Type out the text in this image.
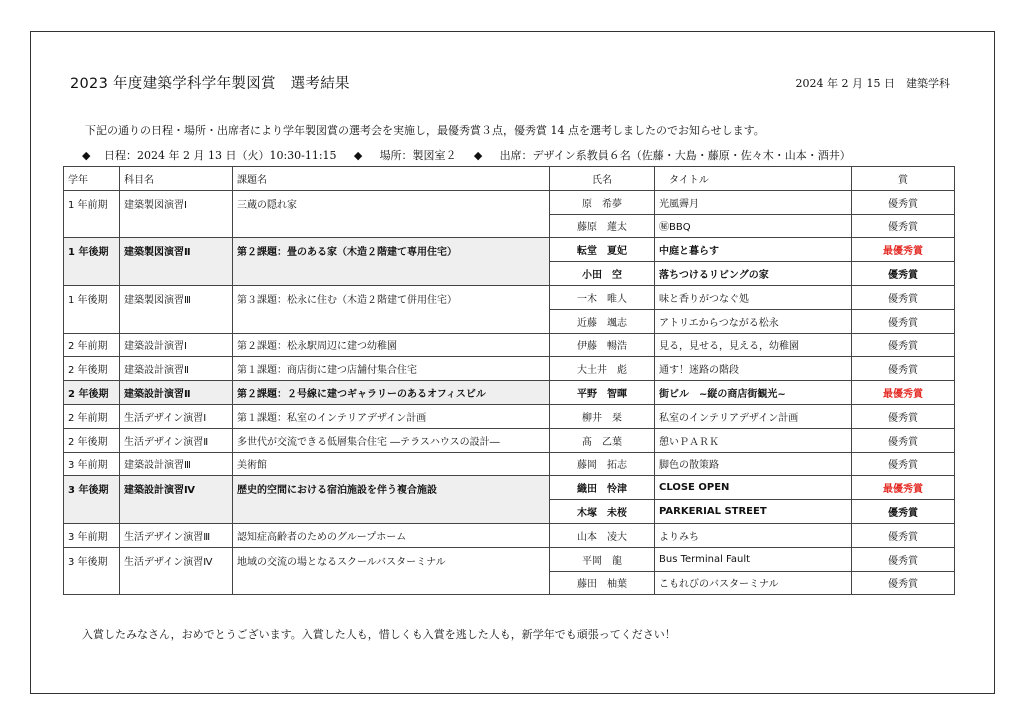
2023 年度建築学科学年製図賞　選考結果	2024 年 2 月 15 日　建築学科
下記の通りの日程・場所・出席者により学年製図賞の選考会を実施し，最優秀賞３点，優秀賞 14 点を選考しましたのでお知らせします。
◆ 日程：2024 年 2 月 13 日（火）10:30-11:15 ◆ 場所：製図室２ ◆ 出席：デザイン系教員６名（佐藤・大島・藤原・佐々木・山本・酒井）
学年	科目名	課題名	氏名	タイトル	賞
1 年前期	建築製図演習Ⅰ	三蔵の隠れ家	原　希夢	光風霽月	優秀賞
			藤原　蓮太	㊙BBQ	優秀賞
1 年後期	建築製図演習Ⅱ	第２課題：畳のある家（木造２階建て専用住宅）	転堂　夏妃	中庭と暮らす	最優秀賞
			小田　空	落ちつけるリビングの家	優秀賞
1 年後期	建築製図演習Ⅲ	第３課題：松永に住む（木造２階建て併用住宅）	一木　唯人	味と香りがつなぐ処	優秀賞
			近藤　颯志	アトリエからつながる松永	優秀賞
2 年前期	建築設計演習Ⅰ	第２課題：松永駅周辺に建つ幼稚園	伊藤　暢浩	見る，見せる，見える，幼稚園	優秀賞
2 年後期	建築設計演習Ⅱ	第１課題：商店街に建つ店舗付集合住宅	大土井　彪	通す！迷路の階段	優秀賞
2 年後期	建築設計演習Ⅱ	第２課題：２号線に建つギャラリーのあるオフィスビル	平野　智暉	街ビル　~縦の商店街観光~	最優秀賞
2 年前期	生活デザイン演習Ⅰ	第１課題：私室のインテリアデザイン計画	柳井　栞	私室のインテリアデザイン計画	優秀賞
2 年後期	生活デザイン演習Ⅱ	多世代が交流できる低層集合住宅 ―テラスハウスの設計―	髙　乙葉	憩いＰＡＲＫ	優秀賞
3 年前期	建築設計演習Ⅲ	美術館	藤岡　拓志	脚色の散策路	優秀賞
3 年後期	建築設計演習Ⅳ	歴史的空間における宿泊施設を伴う複合施設	織田　怜津	CLOSE OPEN	最優秀賞
			木塚　未桜	PARKERIAL STREET	優秀賞
3 年前期	生活デザイン演習Ⅲ	認知症高齢者のためのグループホーム	山本　凌大	よりみち	優秀賞
3 年後期	生活デザイン演習Ⅳ	地域の交流の場となるスクールバスターミナル	平岡　龍	Bus Terminal Fault	優秀賞
			藤田　柚葉	こもれびのバスターミナル	優秀賞
入賞したみなさん，おめでとうございます。入賞した人も，惜しくも入賞を逃した人も，新学年でも頑張ってください！
